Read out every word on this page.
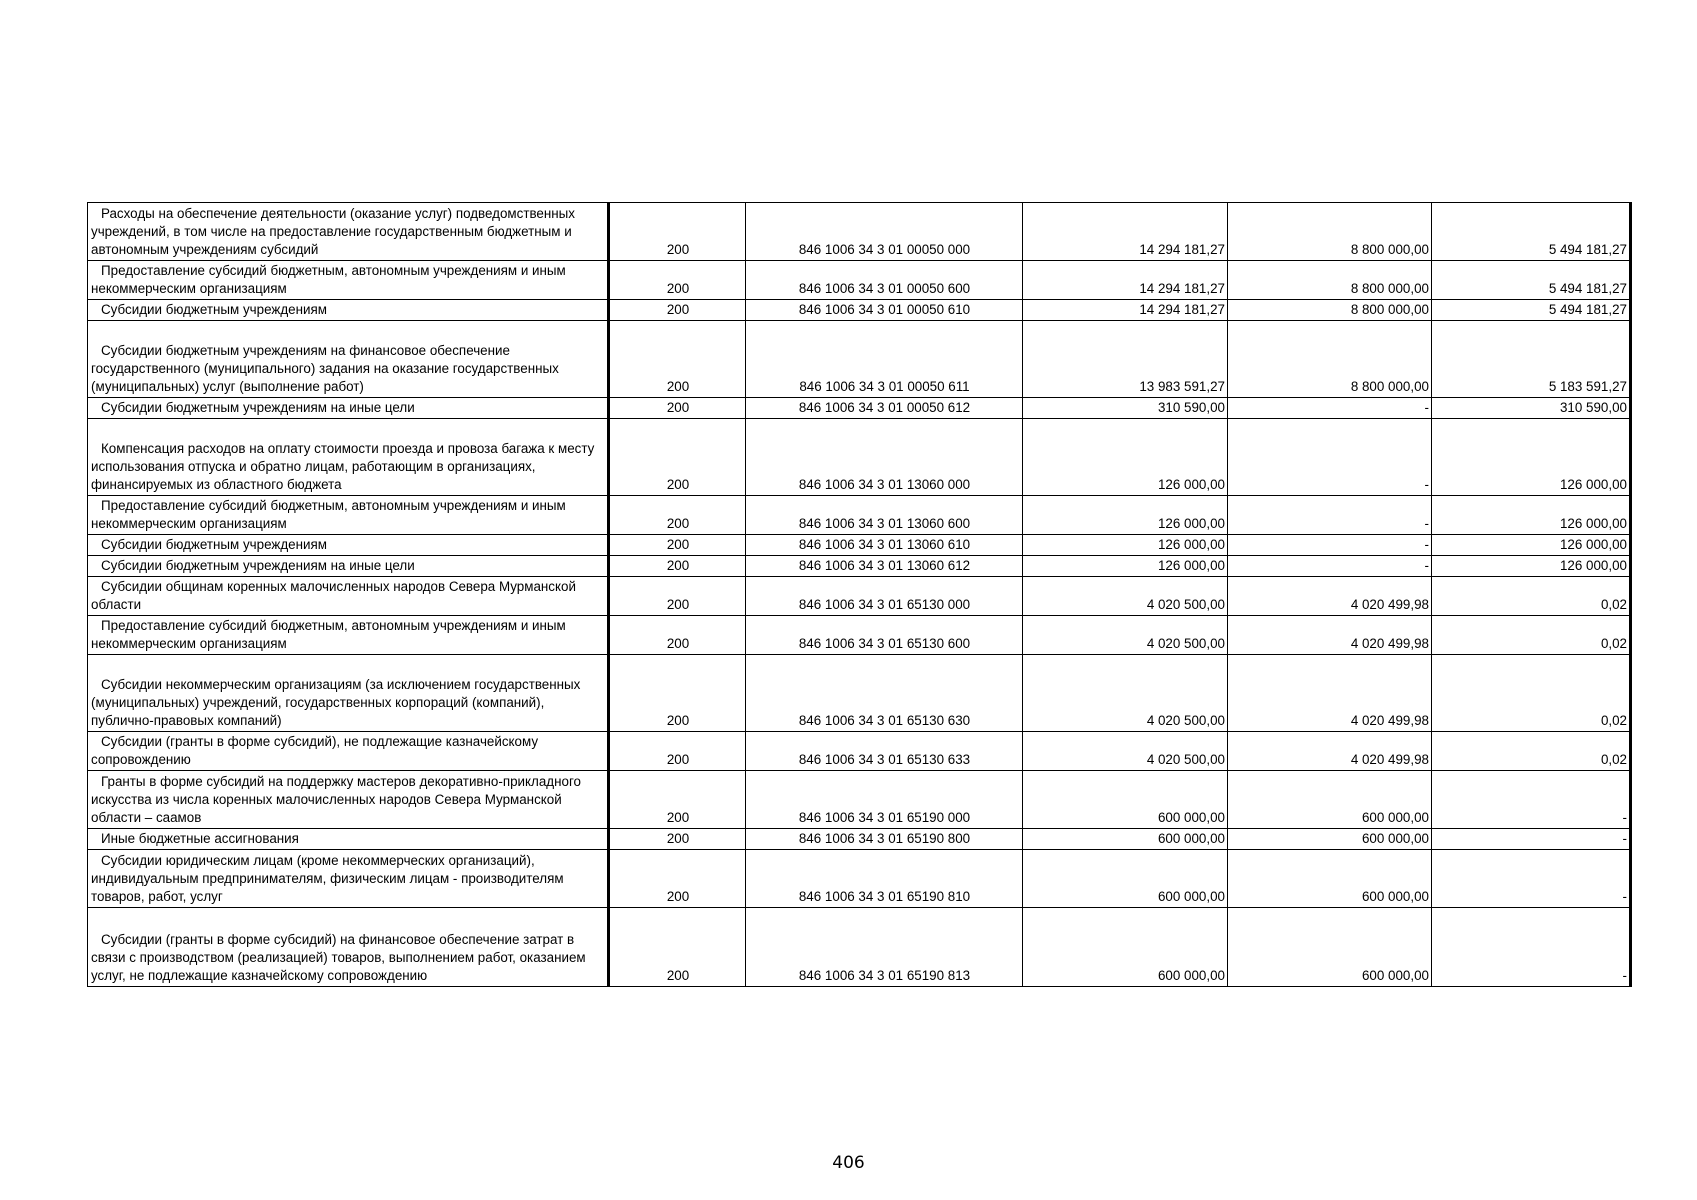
Расходы на обеспечение деятельности (оказание услуг) подведомственных учреждений, в том числе на предоставление государственным бюджетным и автономным учреждениям субсидий	200	846 1006 34 3 01 00050 000	14 294 181,27	8 800 000,00	5 494 181,27

Предоставление субсидий бюджетным, автономным учреждениям и иным некоммерческим организациям	200	846 1006 34 3 01 00050 600	14 294 181,27	8 800 000,00	5 494 181,27

Субсидии бюджетным учреждениям	200	846 1006 34 3 01 00050 610	14 294 181,27	8 800 000,00	5 494 181,27

Субсидии бюджетным учреждениям на финансовое обеспечение государственного (муниципального) задания на оказание государственных (муниципальных) услуг (выполнение работ)	200	846 1006 34 3 01 00050 611	13 983 591,27	8 800 000,00	5 183 591,27

Субсидии бюджетным учреждениям на иные цели	200	846 1006 34 3 01 00050 612	310 590,00	-	310 590,00

Компенсация расходов на оплату стоимости проезда и провоза багажа к месту использования отпуска и обратно лицам, работающим в организациях, финансируемых из областного бюджета	200	846 1006 34 3 01 13060 000	126 000,00	-	126 000,00

Предоставление субсидий бюджетным, автономным учреждениям и иным некоммерческим организациям	200	846 1006 34 3 01 13060 600	126 000,00	-	126 000,00

Субсидии бюджетным учреждениям	200	846 1006 34 3 01 13060 610	126 000,00	-	126 000,00

Субсидии бюджетным учреждениям на иные цели	200	846 1006 34 3 01 13060 612	126 000,00	-	126 000,00

Субсидии общинам коренных малочисленных народов Севера Мурманской области	200	846 1006 34 3 01 65130 000	4 020 500,00	4 020 499,98	0,02

Предоставление субсидий бюджетным, автономным учреждениям и иным некоммерческим организациям	200	846 1006 34 3 01 65130 600	4 020 500,00	4 020 499,98	0,02

Субсидии некоммерческим организациям (за исключением государственных (муниципальных) учреждений, государственных корпораций (компаний), публично-правовых компаний)	200	846 1006 34 3 01 65130 630	4 020 500,00	4 020 499,98	0,02

Субсидии (гранты в форме субсидий), не подлежащие казначейскому сопровождению	200	846 1006 34 3 01 65130 633	4 020 500,00	4 020 499,98	0,02

Гранты в форме субсидий на поддержку мастеров декоративно-прикладного искусства из числа коренных малочисленных народов Севера Мурманской области – саамов	200	846 1006 34 3 01 65190 000	600 000,00	600 000,00	-

Иные бюджетные ассигнования	200	846 1006 34 3 01 65190 800	600 000,00	600 000,00	-

Субсидии юридическим лицам (кроме некоммерческих организаций), индивидуальным предпринимателям, физическим лицам - производителям товаров, работ, услуг	200	846 1006 34 3 01 65190 810	600 000,00	600 000,00	-

Субсидии (гранты в форме субсидий) на финансовое обеспечение затрат в связи с производством (реализацией) товаров, выполнением работ, оказанием услуг, не подлежащие казначейскому сопровождению	200	846 1006 34 3 01 65190 813	600 000,00	600 000,00	-
406
